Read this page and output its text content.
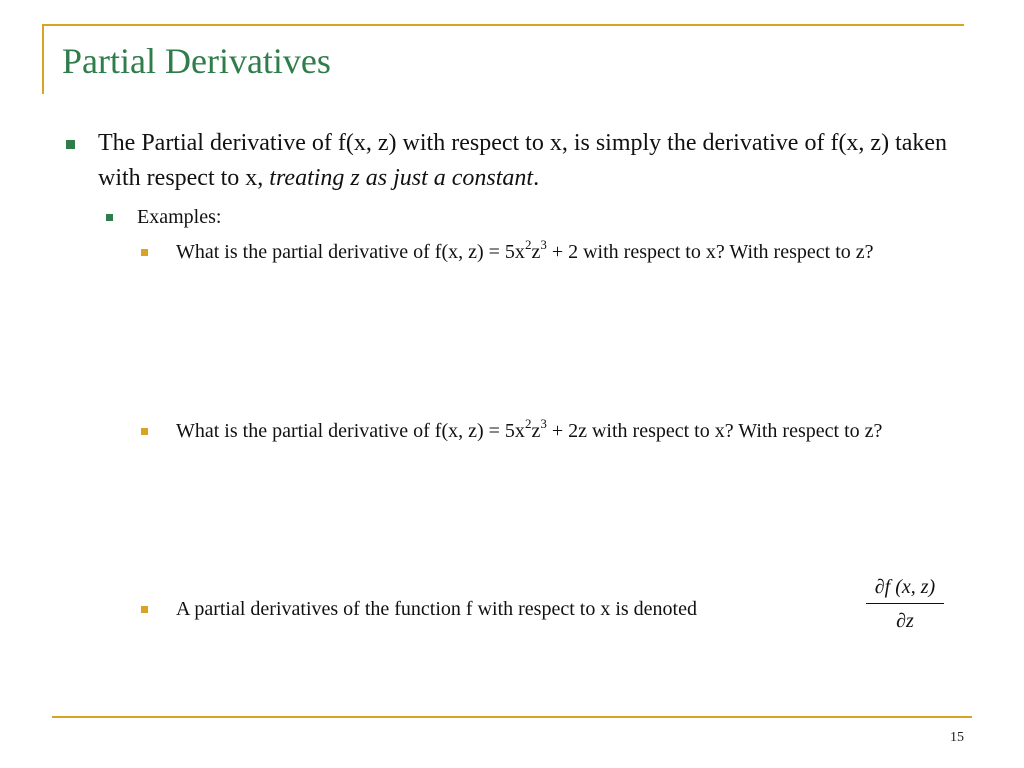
Partial Derivatives
The Partial derivative of f(x, z) with respect to x, is simply the derivative of f(x, z) taken with respect to x, treating z as just a constant.
Examples:
What is the partial derivative of f(x, $z) = 5x^2z^3 + 2$ with respect to x? With respect to z?
What is the partial derivative of f(x, $z) = 5x^2z^3 + 2z$ with respect to x? With respect to z?
A partial derivatives of the function f with respect to x is denoted
∂f (x, z)
∂z
15
